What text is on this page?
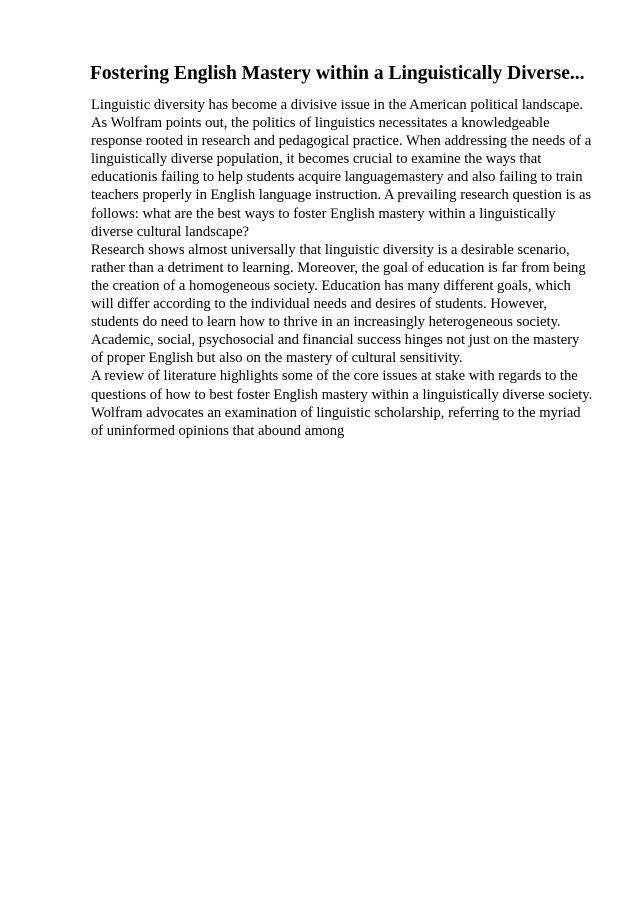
Fostering English Mastery within a Linguistically Diverse...
Linguistic diversity has become a divisive issue in the American political landscape.
As Wolfram points out, the politics of linguistics necessitates a knowledgeable
response rooted in research and pedagogical practice. When addressing the needs of a
linguistically diverse population, it becomes crucial to examine the ways that
educationis failing to help students acquire languagemastery and also failing to train
teachers properly in English language instruction. A prevailing research question is as
follows: what are the best ways to foster English mastery within a linguistically
diverse cultural landscape?
Research shows almost universally that linguistic diversity is a desirable scenario,
rather than a detriment to learning. Moreover, the goal of education is far from being
the creation of a homogeneous society. Education has many different goals, which
will differ according to the individual needs and desires of students. However,
students do need to learn how to thrive in an increasingly heterogeneous society.
Academic, social, psychosocial and financial success hinges not just on the mastery
of proper English but also on the mastery of cultural sensitivity.
A review of literature highlights some of the core issues at stake with regards to the
questions of how to best foster English mastery within a linguistically diverse society.
Wolfram advocates an examination of linguistic scholarship, referring to the myriad
of uninformed opinions that abound among
